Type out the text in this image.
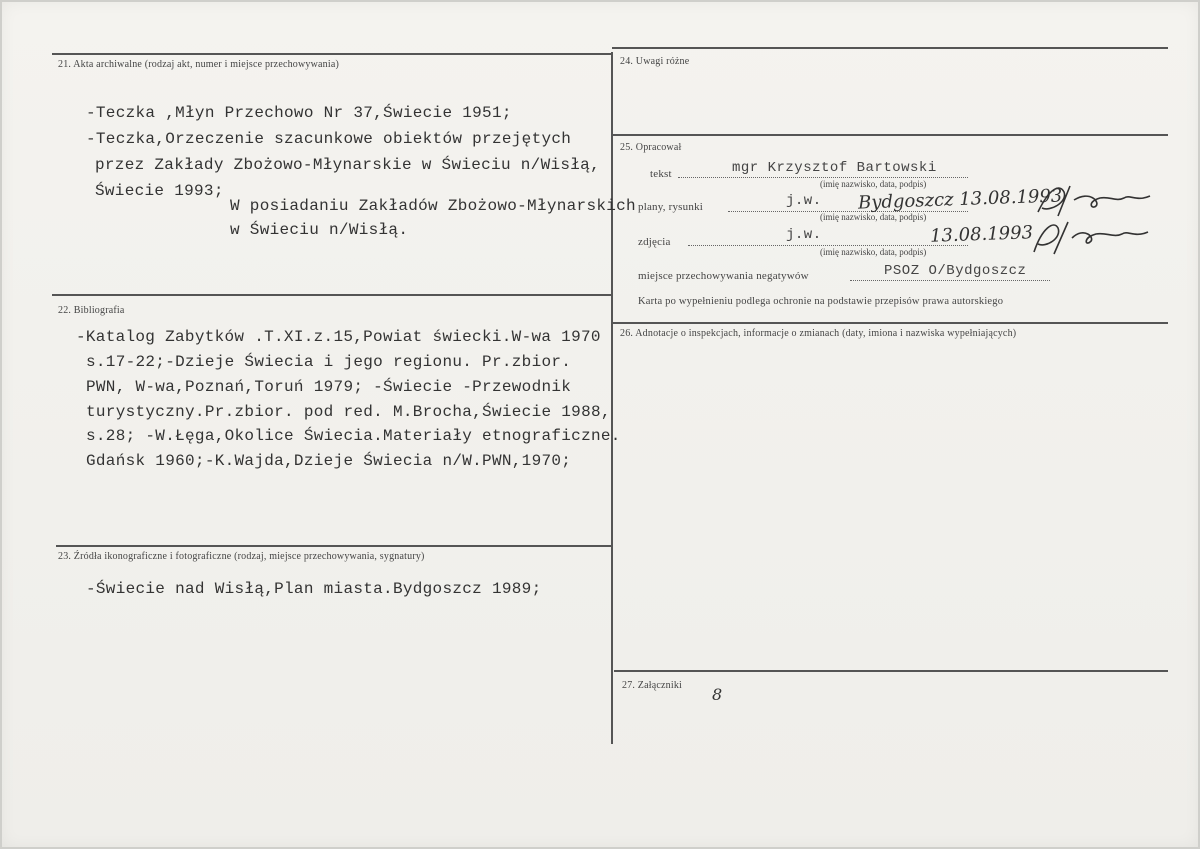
21. Akta archiwalne (rodzaj akt, numer i miejsce przechowywania)
-Teczka ,Młyn Przechowo Nr 37,Świecie 1951;
-Teczka,Orzeczenie szacunkowe obiektów przejętych
przez Zakłady Zbożowo-Młynarskie w Świeciu n/Wisłą,
Świecie 1993;
W posiadaniu Zakładów Zbożowo-Młynarskich
w Świeciu n/Wisłą.
22. Bibliografia
-Katalog Zabytków .T.XI.z.15,Powiat świecki.W-wa 1970
s.17-22;-Dzieje Świecia i jego regionu. Pr.zbior.
PWN, W-wa,Poznań,Toruń 1979; -Świecie -Przewodnik
turystyczny.Pr.zbior. pod red. M.Brocha,Świecie 1988,
s.28; -W.Łęga,Okolice Świecia.Materiały etnograficzne.
Gdańsk 1960;-K.Wajda,Dzieje Świecia n/W.PWN,1970;
23. Źródła ikonograficzne i fotograficzne (rodzaj, miejsce przechowywania, sygnatury)
-Świecie nad Wisłą,Plan miasta.Bydgoszcz 1989;
24. Uwagi różne
25. Opracował
tekst	mgr Krzysztof Bartowski
(imię nazwisko, data, podpis)
plany, rysunki	j.w. Bydgoszcz 13.08.1993
(imię nazwisko, data, podpis)
zdjęcia	j.w.	13.08.1993
(imię nazwisko, data, podpis)
miejsce przechowywania negatywów	PSOZ O/Bydgoszcz
Karta po wypełnieniu podlega ochronie na podstawie przepisów prawa autorskiego
26. Adnotacje o inspekcjach, informacje o zmianach (daty, imiona i nazwiska wypełniających)
27. Załączniki 8
